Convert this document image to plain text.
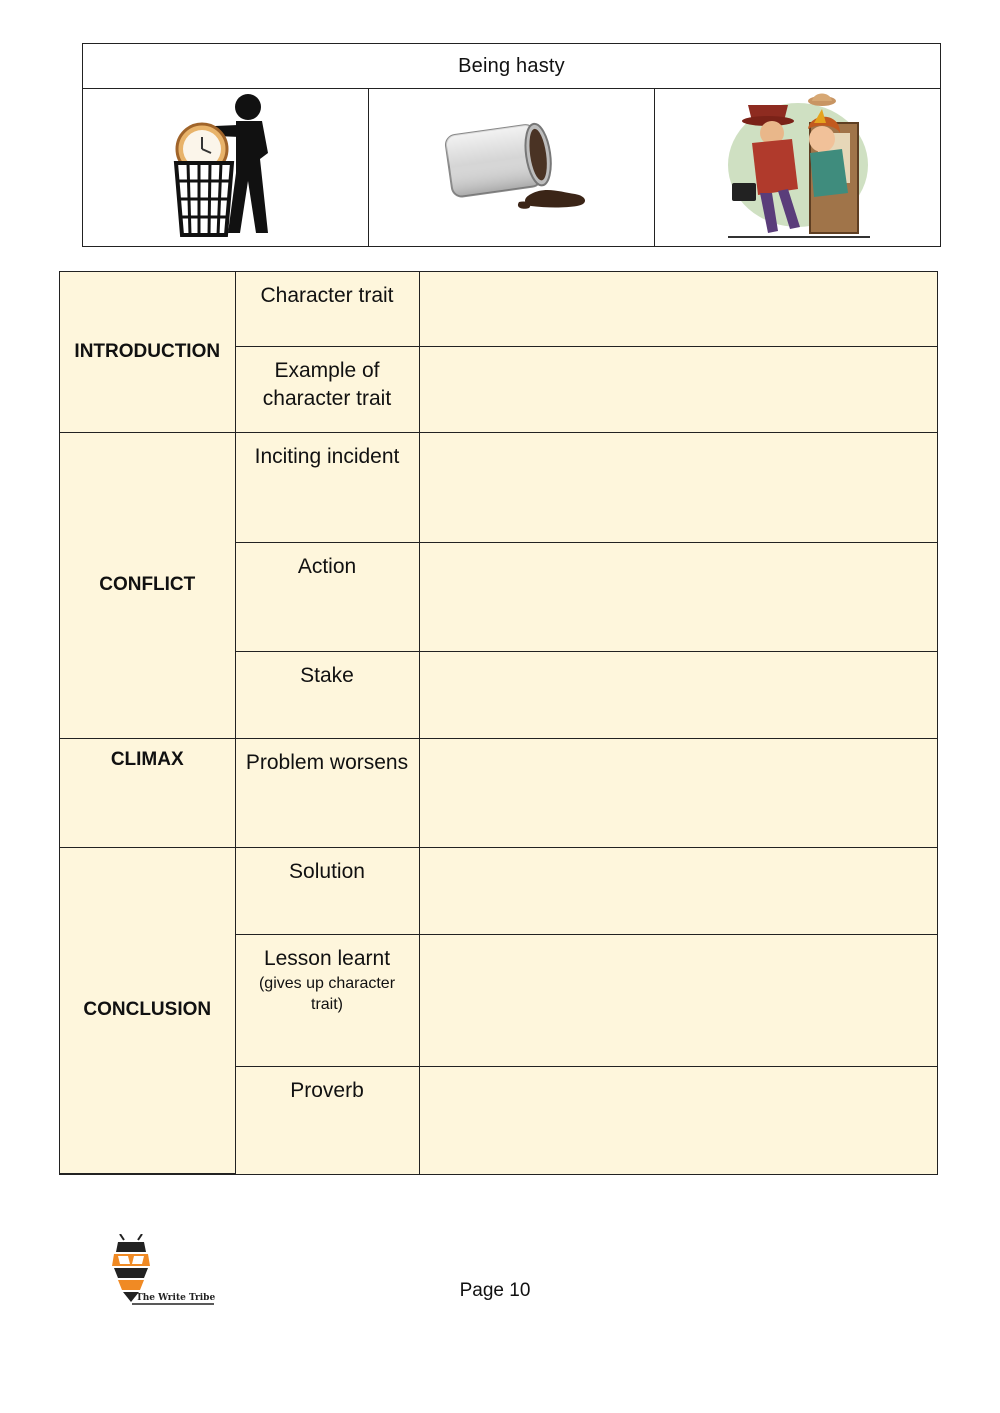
Being hasty
INTRODUCTION	Character trait	
	Example of character trait	
CONFLICT	Inciting incident	
	Action	
	Stake	
CLIMAX	Problem worsens	
CONCLUSION	Solution	
	Lesson learnt
(gives up character trait)	

	Proverb	
The Write Tribe	Page 10
